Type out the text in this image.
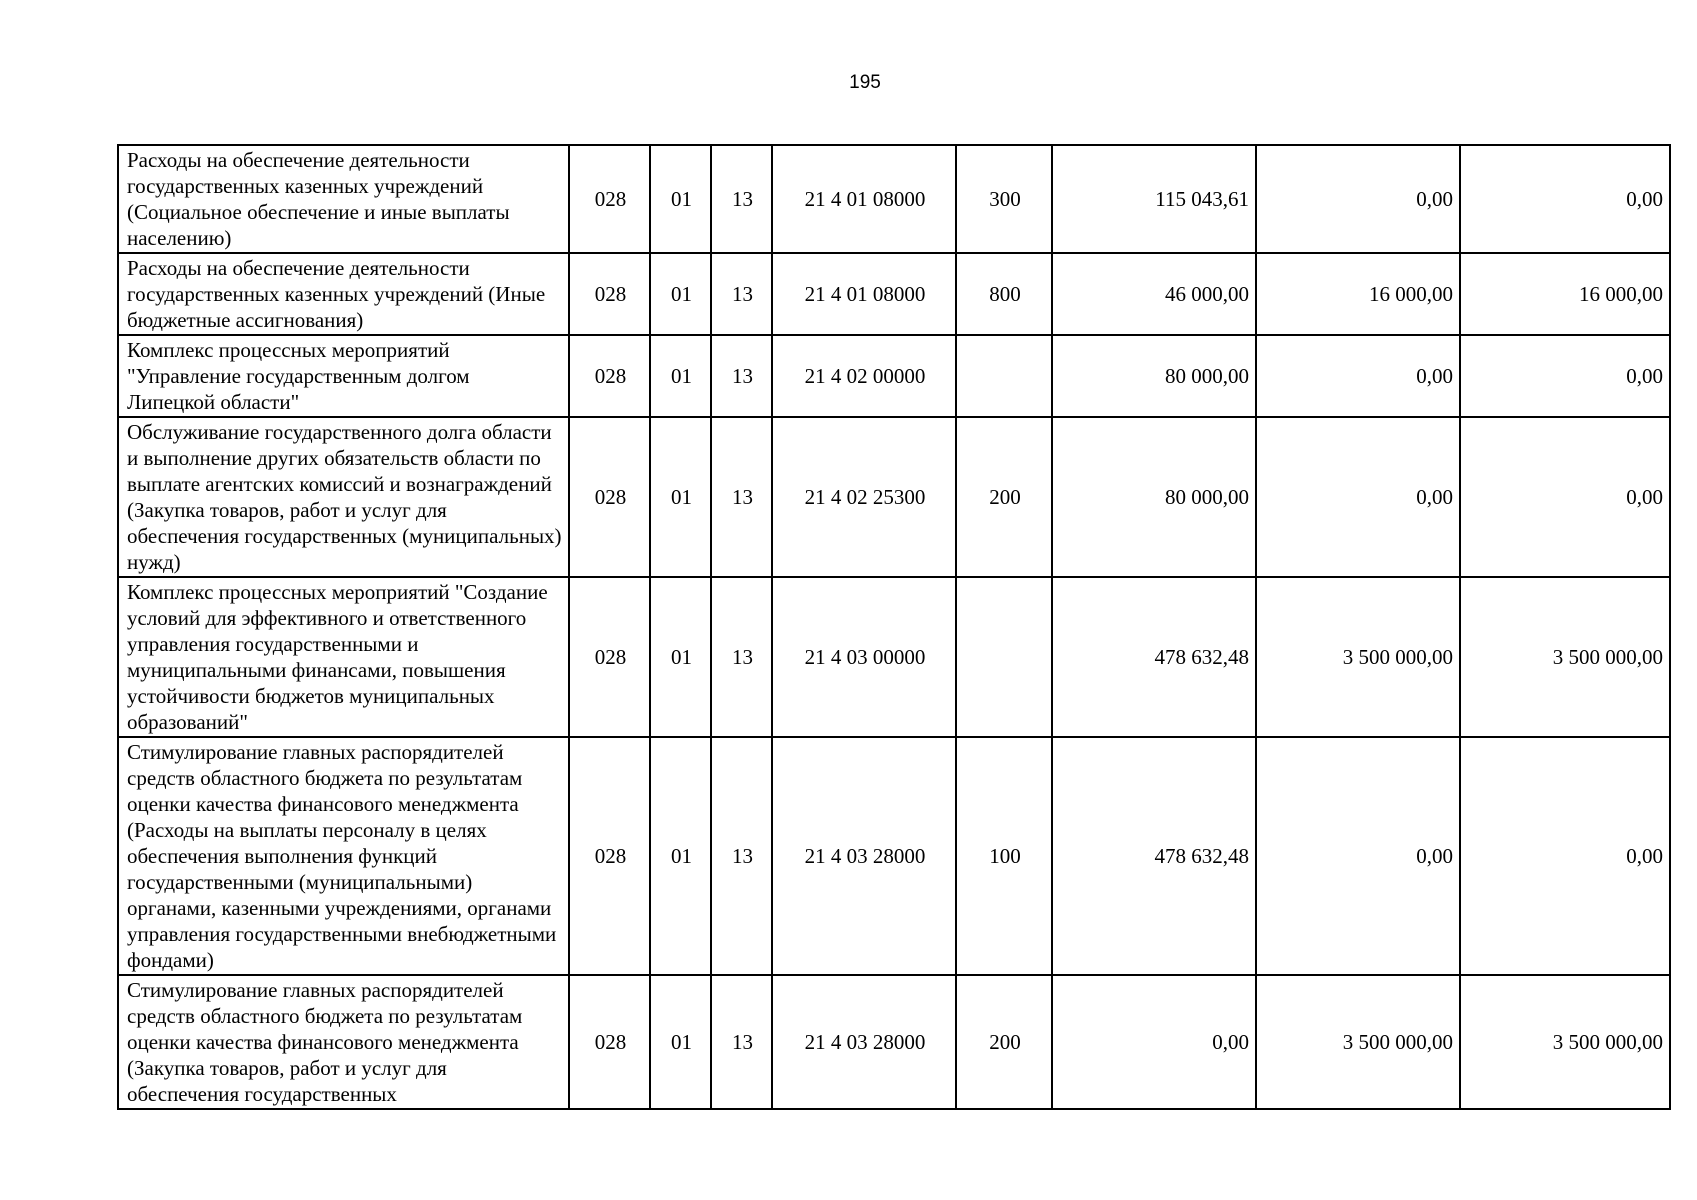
195
Расходы на обеспечение деятельности государственных казенных учреждений (Социальное обеспечение и иные выплаты населению)	028	01	13	21 4 01 08000	300	115 043,61	0,00	0,00
Расходы на обеспечение деятельности государственных казенных учреждений (Иные бюджетные ассигнования)	028	01	13	21 4 01 08000	800	46 000,00	16 000,00	16 000,00
Комплекс процессных мероприятий "Управление государственным долгом Липецкой области"	028	01	13	21 4 02 00000		80 000,00	0,00	0,00
Обслуживание государственного долга области и выполнение других обязательств области по выплате агентских комиссий и вознаграждений (Закупка товаров, работ и услуг для обеспечения государственных (муниципальных) нужд)	028	01	13	21 4 02 25300	200	80 000,00	0,00	0,00
Комплекс процессных мероприятий "Создание условий для эффективного и ответственного управления государственными и муниципальными финансами, повышения устойчивости бюджетов муниципальных образований"	028	01	13	21 4 03 00000		478 632,48	3 500 000,00	3 500 000,00
Стимулирование главных распорядителей средств областного бюджета по результатам оценки качества финансового менеджмента (Расходы на выплаты персоналу в целях обеспечения выполнения функций государственными (муниципальными) органами, казенными учреждениями, органами управления государственными внебюджетными фондами)	028	01	13	21 4 03 28000	100	478 632,48	0,00	0,00
Стимулирование главных распорядителей средств областного бюджета по результатам оценки качества финансового менеджмента (Закупка товаров, работ и услуг для обеспечения государственных	028	01	13	21 4 03 28000	200	0,00	3 500 000,00	3 500 000,00
